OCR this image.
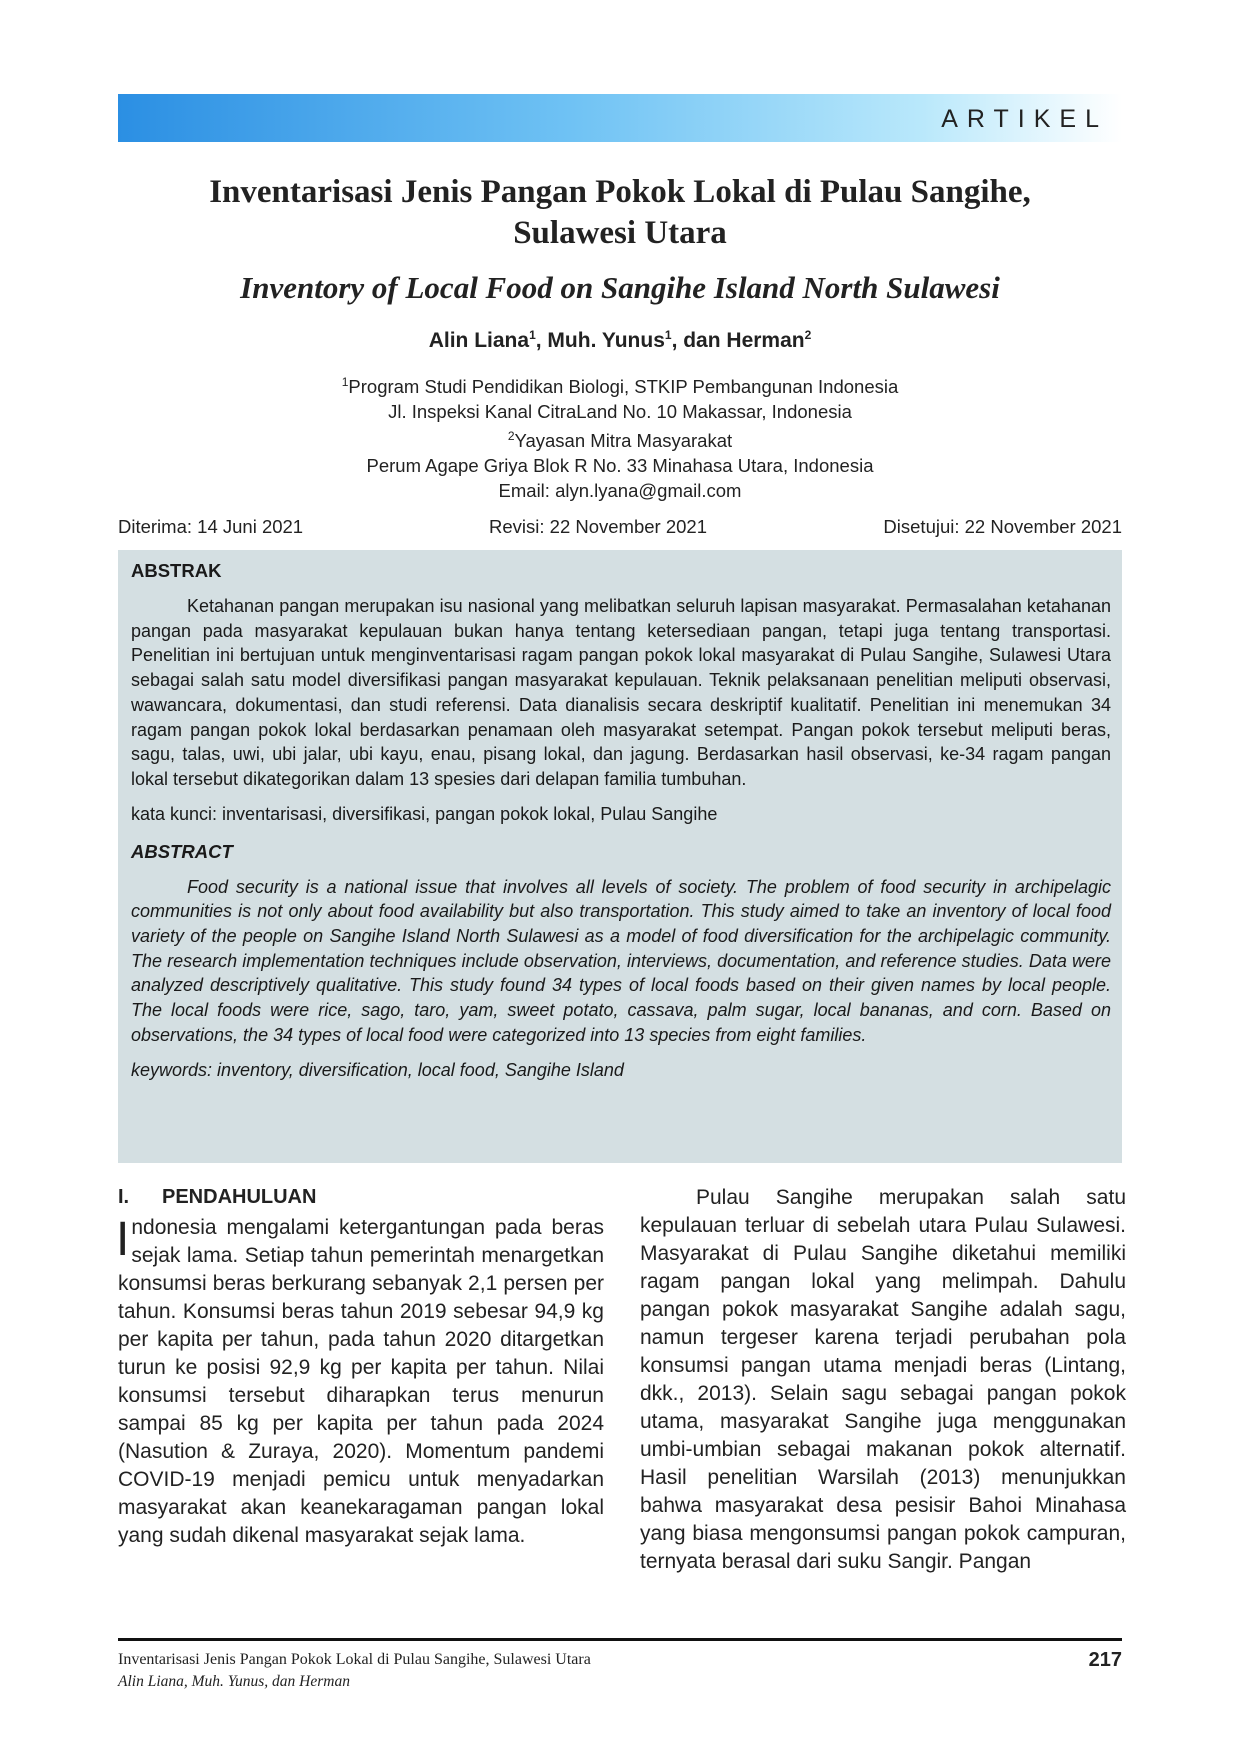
ARTIKEL
Inventarisasi Jenis Pangan Pokok Lokal di Pulau Sangihe,
Sulawesi Utara
Inventory of Local Food on Sangihe Island North Sulawesi
Alin Liana$^1$, Muh. Yunus$^1$, dan Herman$^2$
$^1$Program Studi Pendidikan Biologi, STKIP Pembangunan Indonesia
Jl. Inspeksi Kanal CitraLand No. 10 Makassar, Indonesia
$^2$Yayasan Mitra Masyarakat
Perum Agape Griya Blok R No. 33 Minahasa Utara, Indonesia
Email: alyn.lyana@gmail.com
Diterima: 14 Juni 2021	Revisi: 22 November 2021	Disetujui: 22 November 2021
ABSTRAK

Ketahanan pangan merupakan isu nasional yang melibatkan seluruh lapisan masyarakat. Permasalahan ketahanan pangan pada masyarakat kepulauan bukan hanya tentang ketersediaan pangan, tetapi juga tentang transportasi. Penelitian ini bertujuan untuk menginventarisasi ragam pangan pokok lokal masyarakat di Pulau Sangihe, Sulawesi Utara sebagai salah satu model diversifikasi pangan masyarakat kepulauan. Teknik pelaksanaan penelitian meliputi observasi, wawancara, dokumentasi, dan studi referensi. Data dianalisis secara deskriptif kualitatif. Penelitian ini menemukan 34 ragam pangan pokok lokal berdasarkan penamaan oleh masyarakat setempat. Pangan pokok tersebut meliputi beras, sagu, talas, uwi, ubi jalar, ubi kayu, enau, pisang lokal, dan jagung. Berdasarkan hasil observasi, ke-34 ragam pangan lokal tersebut dikategorikan dalam 13 spesies dari delapan familia tumbuhan.

kata kunci: inventarisasi, diversifikasi, pangan pokok lokal, Pulau Sangihe
ABSTRACT

Food security is a national issue that involves all levels of society. The problem of food security in archipelagic communities is not only about food availability but also transportation. This study aimed to take an inventory of local food variety of the people on Sangihe Island North Sulawesi as a model of food diversification for the archipelagic community. The research implementation techniques include observation, interviews, documentation, and reference studies. Data were analyzed descriptively qualitative. This study found 34 types of local foods based on their given names by local people. The local foods were rice, sago, taro, yam, sweet potato, cassava, palm sugar, local bananas, and corn. Based on observations, the 34 types of local food were categorized into 13 species from eight families.

keywords: inventory, diversification, local food, Sangihe Island
I. PENDAHULUAN

Indonesia mengalami ketergantungan pada beras sejak lama. Setiap tahun pemerintah menargetkan konsumsi beras berkurang sebanyak 2,1 persen per tahun. Konsumsi beras tahun 2019 sebesar 94,9 kg per kapita per tahun, pada tahun 2020 ditargetkan turun ke posisi 92,9 kg per kapita per tahun. Nilai konsumsi tersebut diharapkan terus menurun sampai 85 kg per kapita per tahun pada 2024 (Nasution & Zuraya, 2020). Momentum pandemi COVID-19 menjadi pemicu untuk menyadarkan masyarakat akan keanekaragaman pangan lokal yang sudah dikenal masyarakat sejak lama.

Pulau Sangihe merupakan salah satu kepulauan terluar di sebelah utara Pulau Sulawesi. Masyarakat di Pulau Sangihe diketahui memiliki ragam pangan lokal yang melimpah. Dahulu pangan pokok masyarakat Sangihe adalah sagu, namun tergeser karena terjadi perubahan pola konsumsi pangan utama menjadi beras (Lintang, dkk., 2013). Selain sagu sebagai pangan pokok utama, masyarakat Sangihe juga menggunakan umbi-umbian sebagai makanan pokok alternatif. Hasil penelitian Warsilah (2013) menunjukkan bahwa masyarakat desa pesisir Bahoi Minahasa yang biasa mengonsumsi pangan pokok campuran, ternyata berasal dari suku Sangir. Pangan

Inventarisasi Jenis Pangan Pokok Lokal di Pulau Sangihe, Sulawesi Utara
Alin Liana, Muh. Yunus, dan Herman
217
